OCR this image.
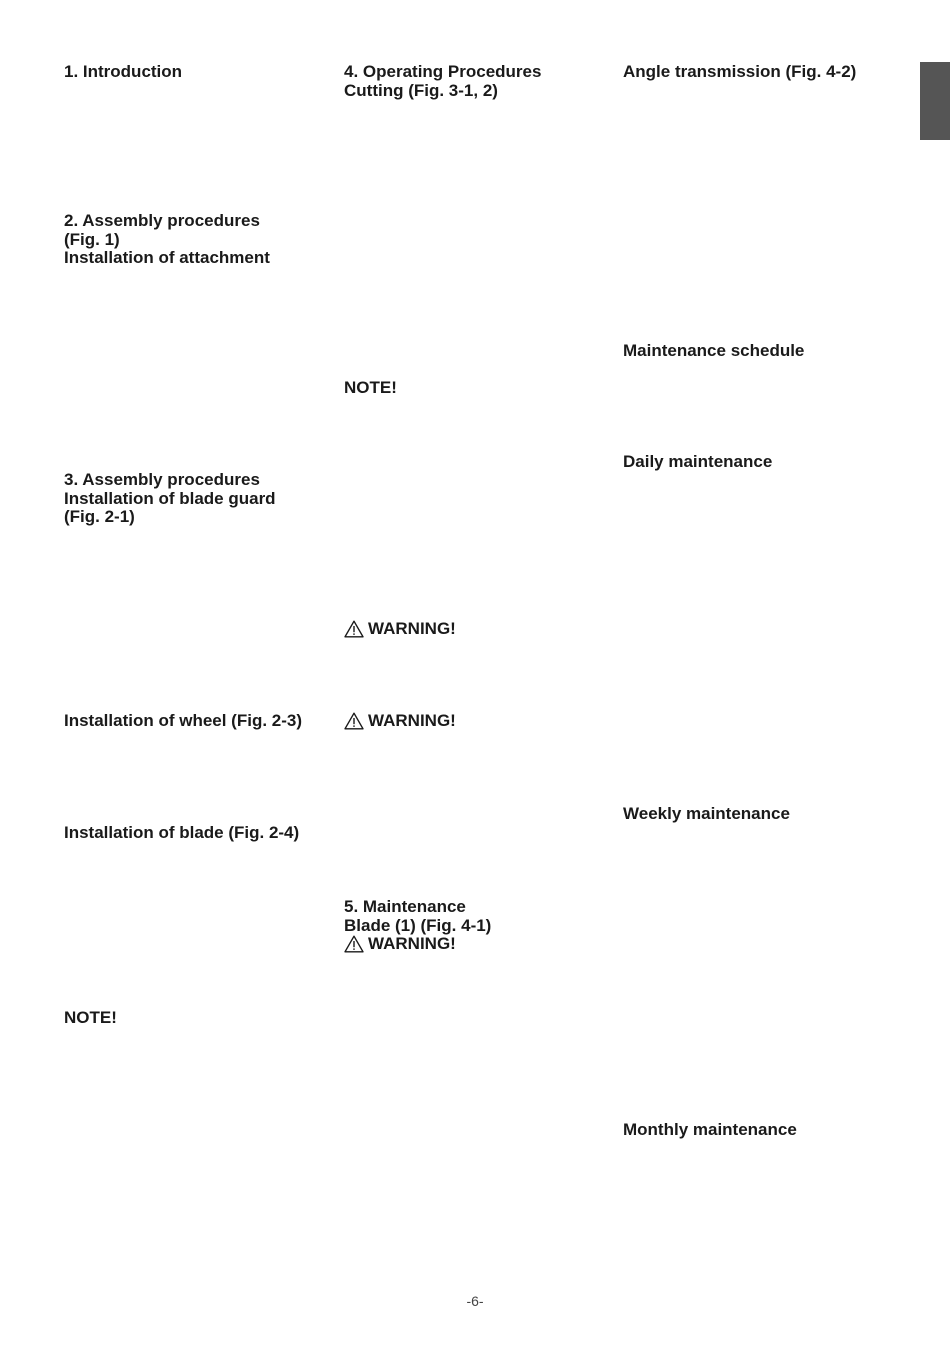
1. Introduction
2. Assembly procedures
(Fig. 1)
Installation of attachment
3. Assembly procedures
Installation of blade guard
(Fig. 2-1)
Installation of wheel (Fig. 2-3)
Installation of blade (Fig. 2-4)
NOTE!
4. Operating Procedures
Cutting (Fig. 3-1, 2)
NOTE!
WARNING!
WARNING!
5. Maintenance
Blade (1) (Fig. 4-1)
WARNING!
Angle transmission (Fig. 4-2)
Maintenance schedule
Daily maintenance
Weekly maintenance
Monthly maintenance
-6-
